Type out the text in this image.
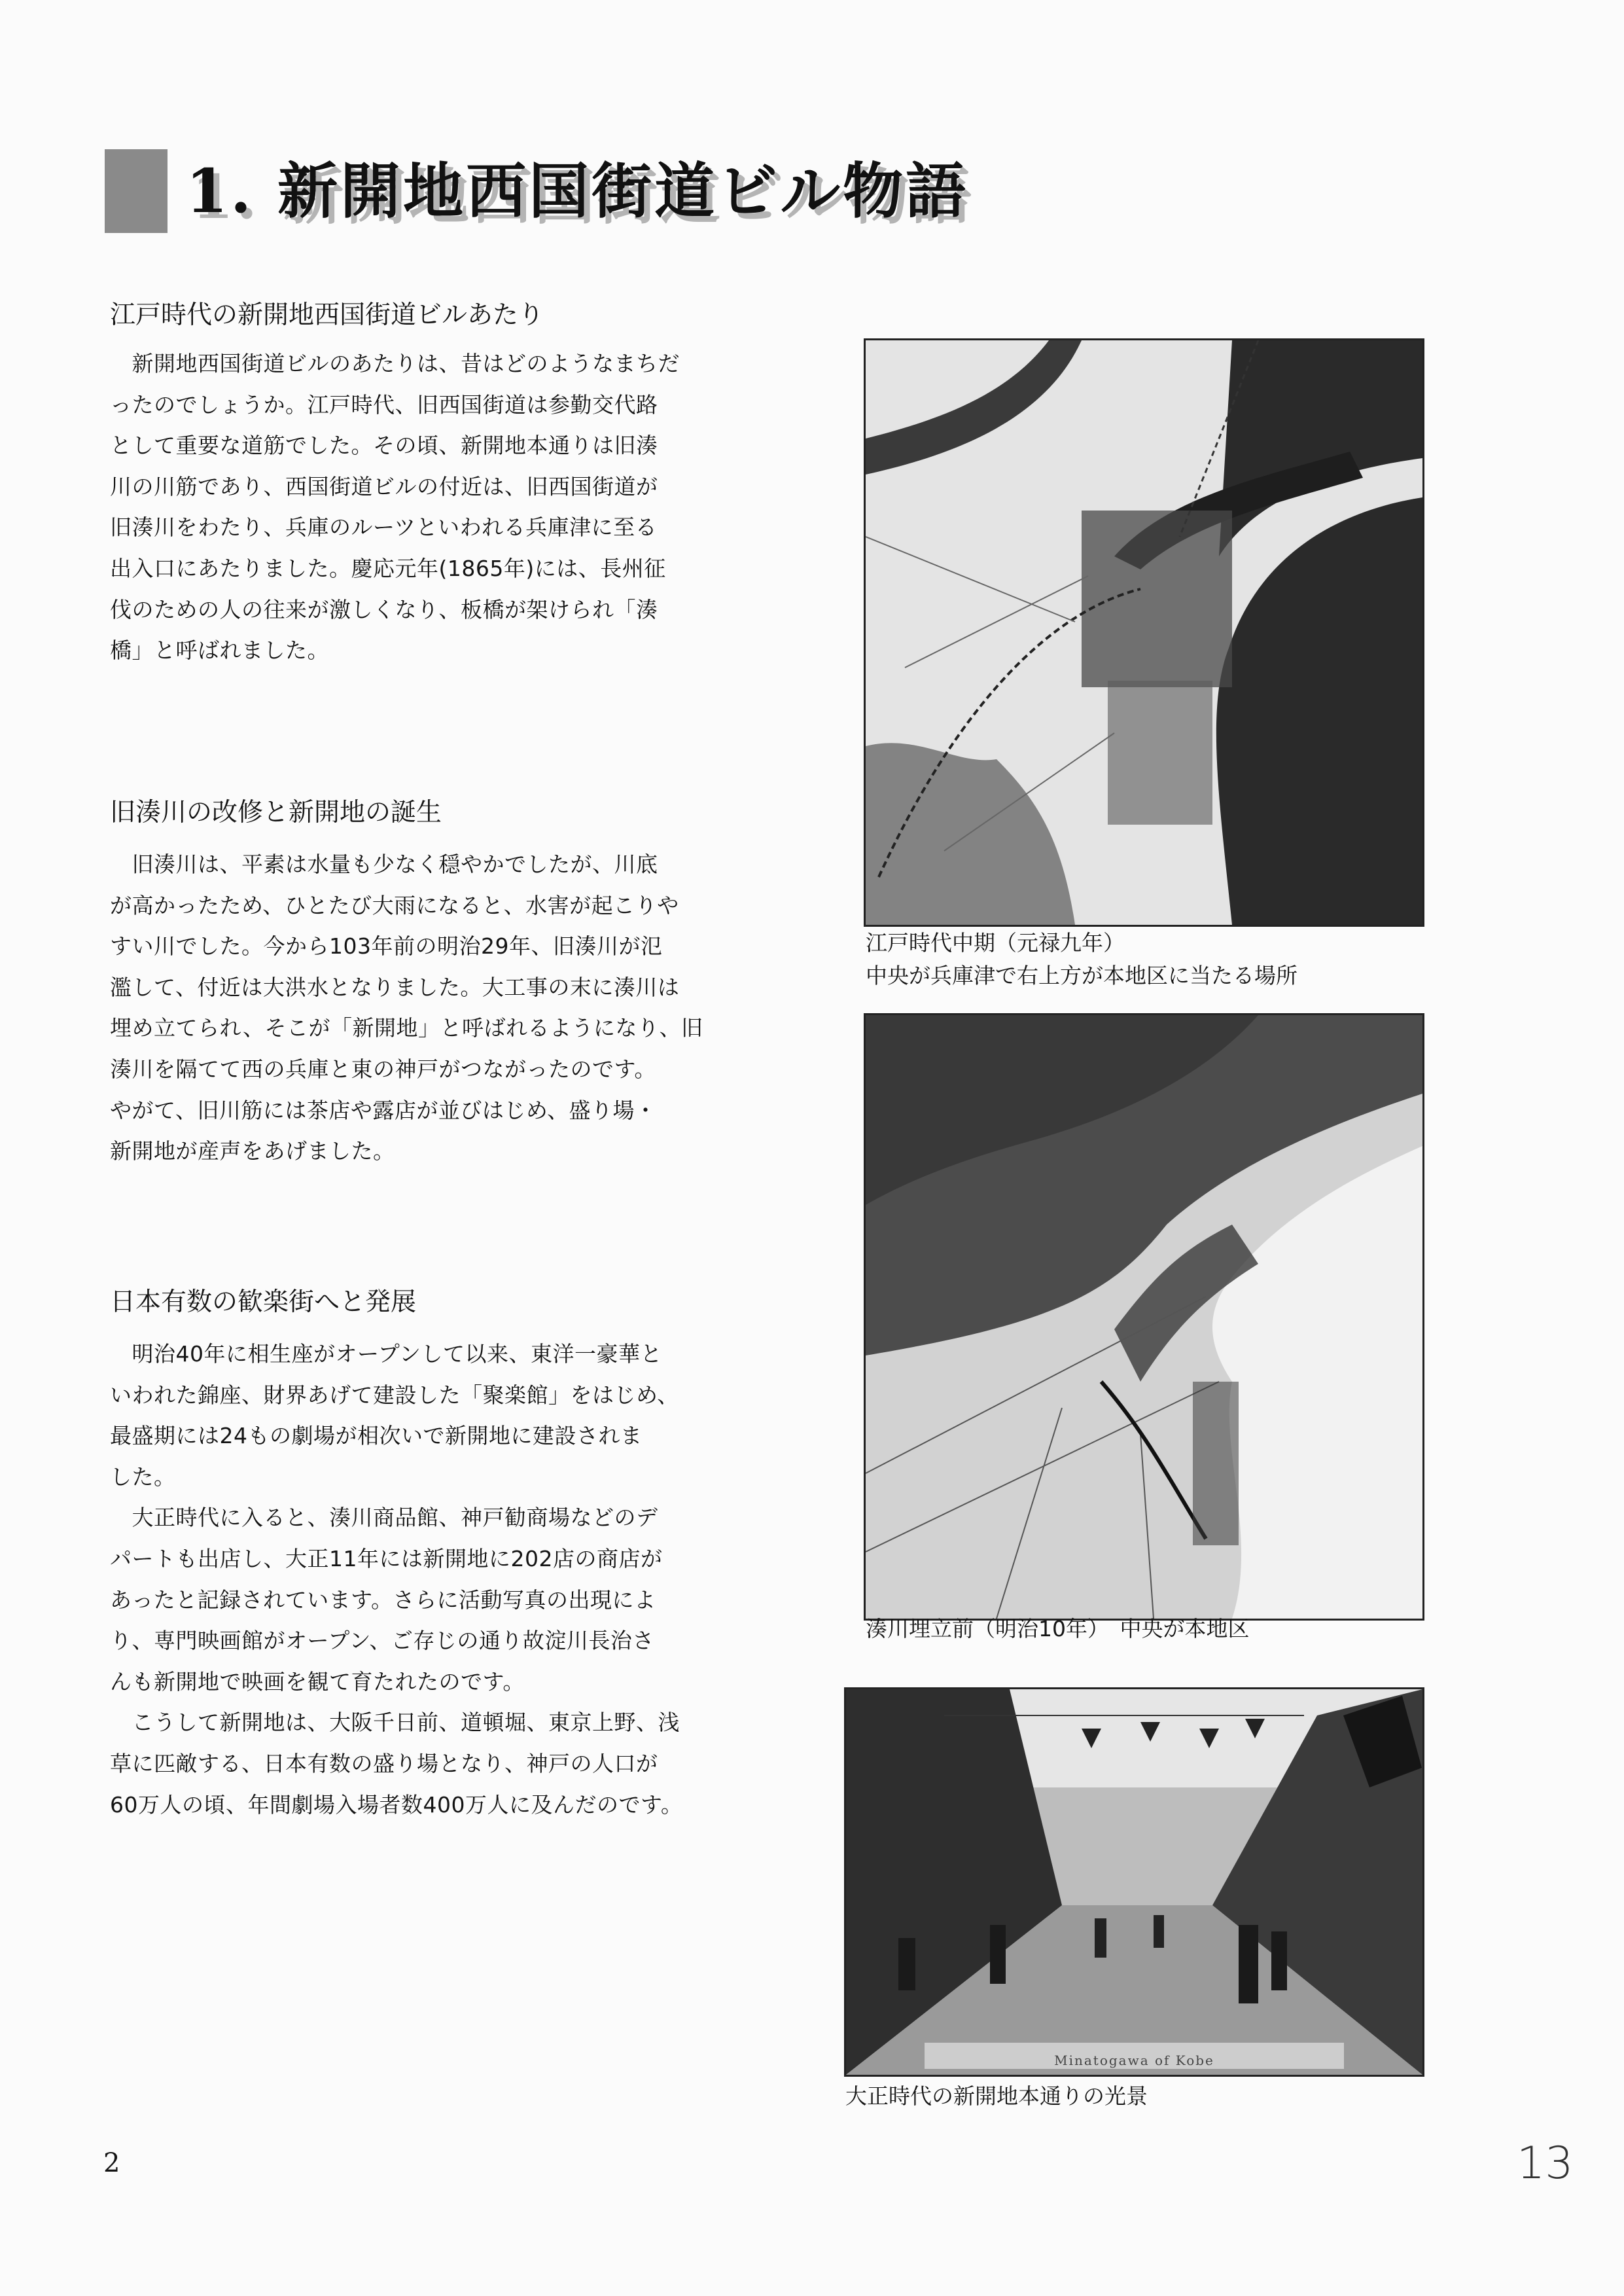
1. 新開地西国街道ビル物語
江戸時代の新開地西国街道ビルあたり
　新開地西国街道ビルのあたりは、昔はどのようなまちだ
ったのでしょうか。江戸時代、旧西国街道は参勤交代路
として重要な道筋でした。その頃、新開地本通りは旧湊
川の川筋であり、西国街道ビルの付近は、旧西国街道が
旧湊川をわたり、兵庫のルーツといわれる兵庫津に至る
出入口にあたりました。慶応元年(1865年)には、長州征
伐のための人の往来が激しくなり、板橋が架けられ「湊
橋」と呼ばれました。
旧湊川の改修と新開地の誕生
　旧湊川は、平素は水量も少なく穏やかでしたが、川底
が高かったため、ひとたび大雨になると、水害が起こりや
すい川でした。今から103年前の明治29年、旧湊川が氾
濫して、付近は大洪水となりました。大工事の末に湊川は
埋め立てられ、そこが「新開地」と呼ばれるようになり、旧
湊川を隔てて西の兵庫と東の神戸がつながったのです。
やがて、旧川筋には茶店や露店が並びはじめ、盛り場・
新開地が産声をあげました。
日本有数の歓楽街へと発展
　明治40年に相生座がオープンして以来、東洋一豪華と
いわれた錦座、財界あげて建設した「聚楽館」をはじめ、
最盛期には24もの劇場が相次いで新開地に建設されま
した。
　大正時代に入ると、湊川商品館、神戸勧商場などのデ
パートも出店し、大正11年には新開地に202店の商店が
あったと記録されています。さらに活動写真の出現によ
り、専門映画館がオープン、ご存じの通り故淀川長治さ
んも新開地で映画を観て育たれたのです。
　こうして新開地は、大阪千日前、道頓堀、東京上野、浅
草に匹敵する、日本有数の盛り場となり、神戸の人口が
60万人の頃、年間劇場入場者数400万人に及んだのです。
江戸時代中期（元禄九年）
中央が兵庫津で右上方が本地区に当たる場所
湊川埋立前（明治10年）　中央が本地区
Minatogawa of Kobe
大正時代の新開地本通りの光景
2	13
